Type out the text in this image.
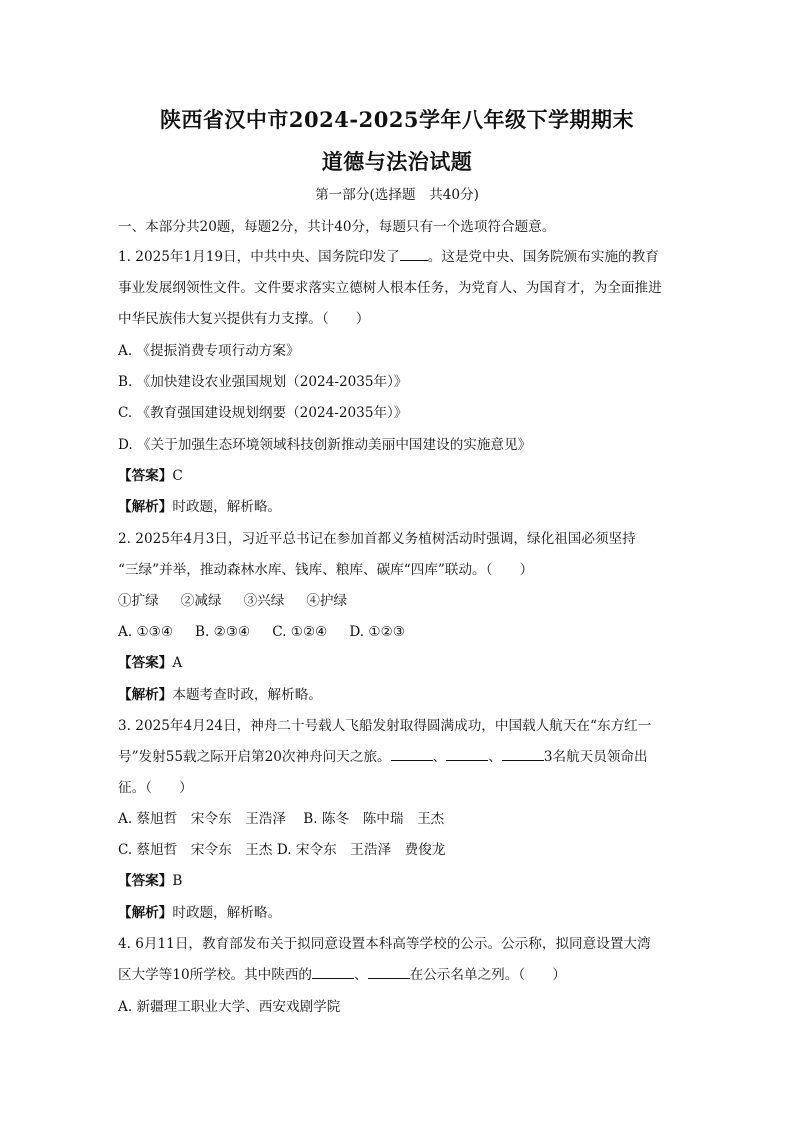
陕西省汉中市2024-2025学年八年级下学期期末
道德与法治试题
第一部分(选择题　共40分)
一、本部分共20题，每题2分，共计40分，每题只有一个选项符合题意。
1. 2025年1月19日，中共中央、国务院印发了 。这是党中央、国务院颁布实施的教育
事业发展纲领性文件。文件要求落实立德树人根本任务，为党育人、为国育才，为全面推进
中华民族伟大复兴提供有力支撑。（　　）
A. 《提振消费专项行动方案》
B. 《加快建设农业强国规划（2024-2035年）》
C. 《教育强国建设规划纲要（2024-2035年）》
D. 《关于加强生态环境领域科技创新推动美丽中国建设的实施意见》
【答案】C
【解析】时政题，解析略。
2. 2025年4月3日，习近平总书记在参加首都义务植树活动时强调，绿化祖国必须坚持
“三绿”并举，推动森林水库、钱库、粮库、碳库“四库”联动。（　　）
①扩绿 ②减绿 ③兴绿 ④护绿
A. ①③④ B. ②③④ C. ①②④ D. ①②③
【答案】A
【解析】本题考查时政，解析略。
3. 2025年4月24日，神舟二十号载人飞船发射取得圆满成功，中国载人航天在“东方红一
号”发射55载之际开启第20次神舟问天之旅。	、	、	3名航天员领命出
征。（　　）
A. 蔡旭哲　宋令东　王浩泽 B. 陈冬　陈中瑞　王杰
C. 蔡旭哲　宋令东　王杰 D. 宋令东　王浩泽　费俊龙
【答案】B
【解析】时政题，解析略。
4. 6月11日，教育部发布关于拟同意设置本科高等学校的公示。公示称，拟同意设置大湾
区大学等10所学校。其中陕西的	、	在公示名单之列。（　　）
A. 新疆理工职业大学、西安戏剧学院
